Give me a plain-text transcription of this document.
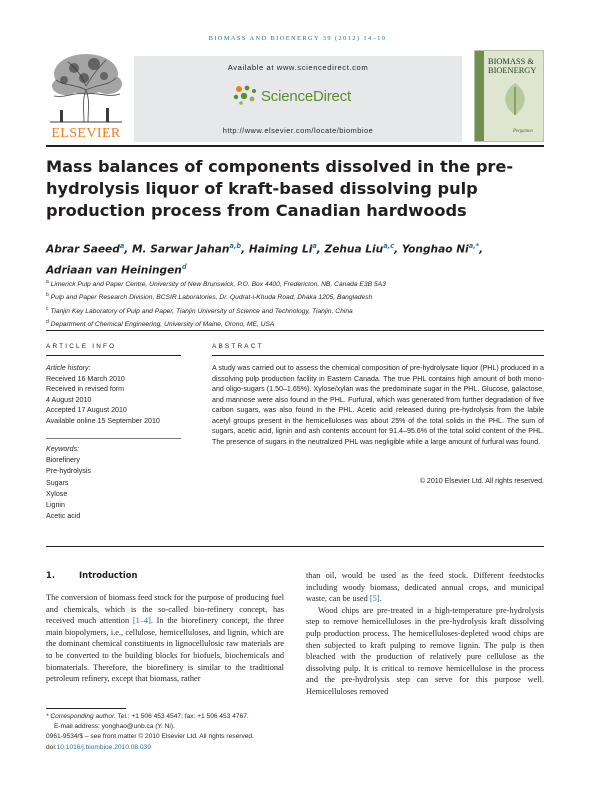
BIOMASS AND BIOENERGY 39 (2012) 14–19
ELSEVIER
Available at www.sciencedirect.com
ScienceDirect
http://www.elsevier.com/locate/biombioe
BIOMASS &
BIOENERGY
Pergamon
Mass balances of components dissolved in the pre-hydrolysis liquor of kraft-based dissolving pulp production process from Canadian hardwoods
Abrar Saeed$^a$, M. Sarwar Jahan$^{a,b}$, Haiming Li$^a$, Zehua Liu$^{a,c}$, Yonghao $Ni^{a,*}$,
Adriaan van Heiningen$^d$
$^a$ Limerick Pulp and Paper Centre, University of New Brunswick, P.O. Box 4400, Fredericton, NB, Canada E3B 5A3
$^b$ Pulp and Paper Research Division, BCSIR Laboratories, Dr. Qudrat-i-Khuda Road, Dhaka 1205, Bangladesh
$^c$ Tianjin Key Laboratory of Pulp and Paper, Tianjin University of Science and Technology, Tianjin, China
$^d$ Department of Chemical Engineering, University of Maine, Orono, ME, USA
ARTICLE INFO
Article history:
Received 16 March 2010
Received in revised form
4 August 2010
Accepted 17 August 2010
Available online 15 September 2010
Keywords:
Biorefinery
Pre-hydrolysis
Sugars
Xylose
Lignin
Acetic acid
ABSTRACT
A study was carried out to assess the chemical composition of pre-hydrolysate liquor (PHL) produced in a dissolving pulp production facility in Eastern Canada. The true PHL contains high amount of both mono- and oligo-sugars (1.50–1.65%). Xylose/xylan was the predominate sugar in the PHL. Glucose, galactose, and mannose were also found in the PHL. Furfural, which was generated from further degradation of five carbon sugars, was also found in the PHL. Acetic acid released during pre-hydrolysis from the labile acetyl groups present in the hemicelluloses was about 25% of the total solids in the PHL. The sum of sugars, acetic acid, lignin and ash contents account for 91.4–95.6% of the total solid content of the PHL. The presence of sugars in the neutralized PHL was negligible while a large amount of furfural was found.
© 2010 Elsevier Ltd. All rights reserved.
1.	Introduction
The conversion of biomass feed stock for the purpose of producing fuel and chemicals, which is the so-called bio-refinery concept, has received much attention [1–4]. In the biorefinery concept, the three main biopolymers, i.e., cellulose, hemicelluloses, and lignin, which are the dominant chemical constituents in lignocellulosic raw materials are to be converted to the building blocks for biofuels, biochemicals and biomaterials. Therefore, the biorefinery is similar to the traditional petroleum refinery, except that biomass, rather
than oil, would be used as the feed stock. Different feedstocks including woody biomass, dedicated annual crops, and municipal waste, can be used [5].
Wood chips are pre-treated in a high-temperature pre-hydrolysis step to remove hemicelluloses in the pre-hydrolysis kraft dissolving pulp production process. The hemicelluloses-depleted wood chips are then subjected to kraft pulping to remove lignin. The pulp is then bleached with the production of relatively pure cellulose as the dissolving pulp. It is critical to remove hemicellulose in the process and the pre-hydrolysis step can serve for this purpose well. Hemicelluloses removed
* Corresponding author. Tel.: +1 506 453 4547; fax: +1 506 453 4767.
E-mail address: yonghao@unb.ca (Y. Ni).
0961-9534/$ – see front matter © 2010 Elsevier Ltd. All rights reserved.
doi:10.1016/j.biombioe.2010.08.039
